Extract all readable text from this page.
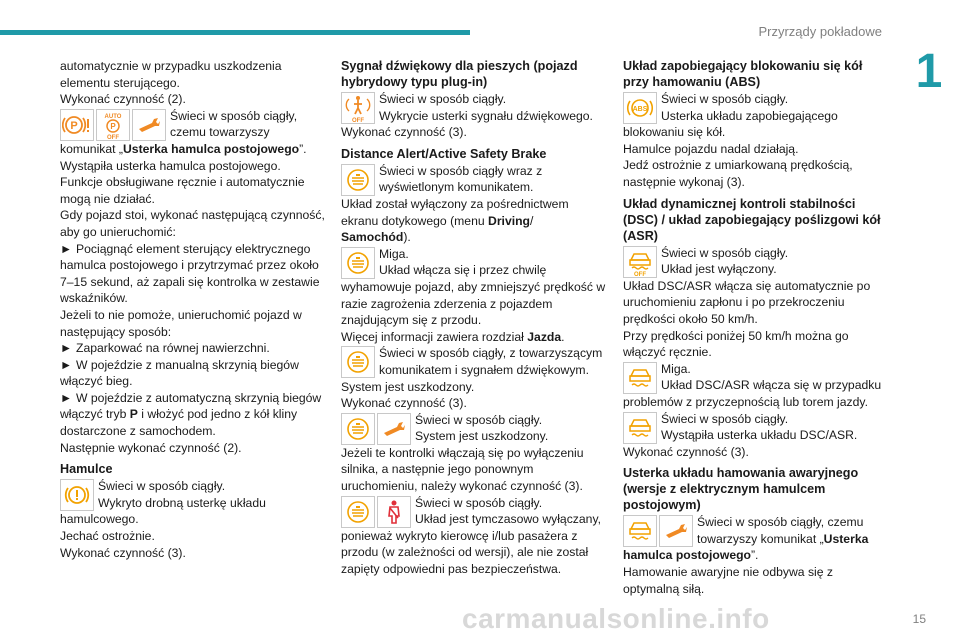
Przyrządy pokładowe
1

automatycznie w przypadku uszkodzenia

elementu sterującego.

Wykonać czynność (2).

P
AUTO
P
OFF

Świeci w sposób ciągły,

czemu towarzyszy

komunikat „Usterka hamulca postojowego”.

Wystąpiła usterka hamulca postojowego.

Funkcje obsługiwane ręcznie i automatycznie

mogą nie działać.

Gdy pojazd stoi, wykonać następującą czynność,

aby go unieruchomić:

► Pociągnąć element sterujący elektrycznego hamulca postojowego i przytrzymać przez około 7–15 sekund, aż zapali się kontrolka w zestawie wskaźników.

Jeżeli to nie pomoże, unieruchomić pojazd w następujący sposób:

► Zaparkować na równej nawierzchni.

► W pojeździe z manualną skrzynią biegów włączyć bieg.

► W pojeździe z automatyczną skrzynią biegów włączyć tryb P i włożyć pod jedno z kół kliny dostarczone z samochodem.

Następnie wykonać czynność (2).

Hamulce

Świeci w sposób ciągły.

Wykryto drobną usterkę układu

hamulcowego.

Jechać ostrożnie.

Wykonać czynność (3).

Sygnał dźwiękowy dla pieszych (pojazd hybrydowy typu plug-in)
OFF

Świeci w sposób ciągły.

Wykrycie usterki sygnału dźwiękowego.

Wykonać czynność (3).

Distance Alert/Active Safety Brake

Świeci w sposób ciągły wraz z

wyświetlonym komunikatem.

Układ został wyłączony za pośrednictwem ekranu dotykowego (menu Driving/ Samochód).

Miga.

Układ włącza się i przez chwilę

wyhamowuje pojazd, aby zmniejszyć prędkość w razie zagrożenia zderzenia z pojazdem znajdującym się z przodu.

Więcej informacji zawiera rozdział Jazda.

Świeci w sposób ciągły, z towarzyszącym

komunikatem i sygnałem dźwiękowym.

System jest uszkodzony.

Wykonać czynność (3).

Świeci w sposób ciągły.

System jest uszkodzony.

Jeżeli te kontrolki włączają się po wyłączeniu silnika, a następnie jego ponownym uruchomieniu, należy wykonać czynność (3).

Świeci w sposób ciągły.

Układ jest tymczasowo wyłączany,

ponieważ wykryto kierowcę i/lub pasażera z przodu (w zależności od wersji), ale nie został zapięty odpowiedni pas bezpieczeństwa.

Układ zapobiegający blokowaniu się kół przy hamowaniu (ABS)
ABS

Świeci w sposób ciągły.

Usterka układu zapobiegającego

blokowaniu się kół.

Hamulce pojazdu nadal działają.

Jedź ostrożnie z umiarkowaną prędkością,

następnie wykonaj (3).

Układ dynamicznej kontroli stabilności (DSC) / układ zapobiegający poślizgowi kół (ASR)
OFF

Świeci w sposób ciągły.

Układ jest wyłączony.

Układ DSC/ASR włącza się automatycznie po uruchomieniu zapłonu i po przekroczeniu prędkości około 50 km/h.

Przy prędkości poniżej 50 km/h można go włączyć ręcznie.

Miga.

Układ DSC/ASR włącza się w przypadku

problemów z przyczepnością lub torem jazdy.

Świeci w sposób ciągły.

Wystąpiła usterka układu DSC/ASR.

Wykonać czynność (3).

Usterka układu hamowania awaryjnego (wersje z elektrycznym hamulcem postojowym)

Świeci w sposób ciągły, czemu

towarzyszy komunikat „Usterka

hamulca postojowego”.

Hamowanie awaryjne nie odbywa się z optymalną siłą.

carmanualsonline.info	15
